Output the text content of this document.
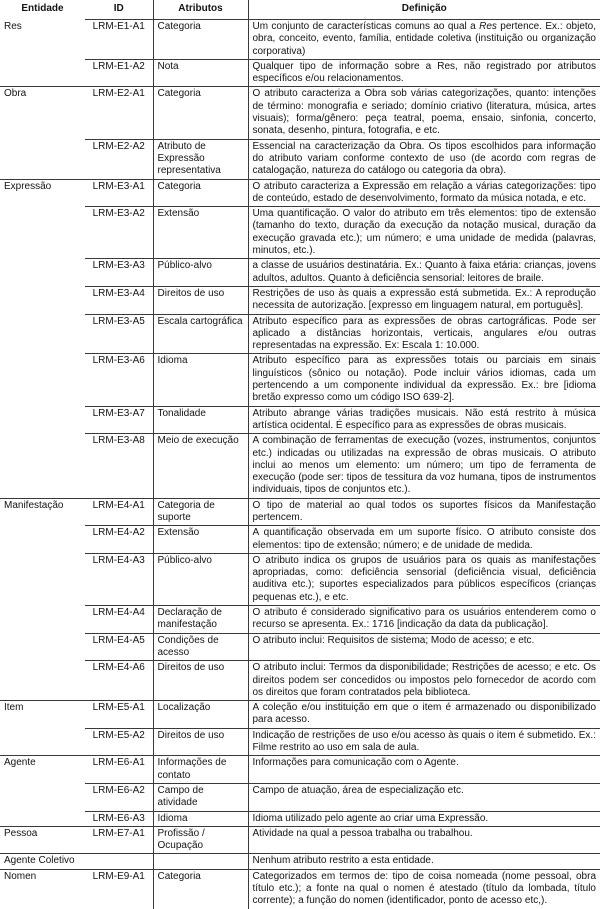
Entidade	ID	Atributos	Definição
Res	LRM-E1-A1	Categoria	Um conjunto de características comuns ao qual a Res pertence. Ex.: objeto, obra, conceito, evento, família, entidade coletiva (instituição ou organização corporativa)
	LRM-E1-A2	Nota	Qualquer tipo de informação sobre a Res, não registrado por atributos específicos e/ou relacionamentos.
Obra	LRM-E2-A1	Categoria	O atributo caracteriza a Obra sob várias categorizações, quanto: intenções de término: monografia e seriado; domínio criativo (literatura, música, artes visuais); forma/gênero: peça teatral, poema, ensaio, sinfonia, concerto, sonata, desenho, pintura, fotografia, e etc.
	LRM-E2-A2	Atributo de Expressão representativa	Essencial na caracterização da Obra. Os tipos escolhidos para informação do atributo variam conforme contexto de uso (de acordo com regras de catalogação, natureza do catálogo ou categoria da obra).
Expressão	LRM-E3-A1	Categoria	O atributo caracteriza a Expressão em relação a várias categorizações: tipo de conteúdo, estado de desenvolvimento, formato da música notada, e etc.
	LRM-E3-A2	Extensão	Uma quantificação. O valor do atributo em três elementos: tipo de extensão (tamanho do texto, duração da execução da notação musical, duração da execução gravada etc.); um número; e uma unidade de medida (palavras, minutos, etc.).
	LRM-E3-A3	Público-alvo	a classe de usuários destinatária. Ex.: Quanto à faixa etária: crianças, jovens adultos, adultos. Quanto à deficiência sensorial: leitores de braile.
	LRM-E3-A4	Direitos de uso	Restrições de uso às quais a expressão está submetida. Ex.: A reprodução necessita de autorização. [expresso em linguagem natural, em português].
	LRM-E3-A5	Escala cartográfica	Atributo específico para as expressões de obras cartográficas. Pode ser aplicado a distâncias horizontais, verticais, angulares e/ou outras representadas na expressão. Ex: Escala 1: 10.000.
	LRM-E3-A6	Idioma	Atributo específico para as expressões totais ou parciais em sinais linguísticos (sônico ou notação). Pode incluir vários idiomas, cada um pertencendo a um componente individual da expressão. Ex.: bre [idioma bretão expresso como um código ISO 639-2].
	LRM-E3-A7	Tonalidade	Atributo abrange várias tradições musicais. Não está restrito à música artística ocidental. É específico para as expressões de obras musicais.
	LRM-E3-A8	Meio de execução	A combinação de ferramentas de execução (vozes, instrumentos, conjuntos etc.) indicadas ou utilizadas na expressão de obras musicais. O atributo inclui ao menos um elemento: um número; um tipo de ferramenta de execução (pode ser: tipos de tessitura da voz humana, tipos de instrumentos individuais, tipos de conjuntos etc.).
Manifestação	LRM-E4-A1	Categoria de suporte	O tipo de material ao qual todos os suportes físicos da Manifestação pertencem.
	LRM-E4-A2	Extensão	A quantificação observada em um suporte físico. O atributo consiste dos elementos: tipo de extensão; número; e de unidade de medida.
	LRM-E4-A3	Público-alvo	O atributo indica os grupos de usuários para os quais as manifestações apropriadas, como: deficiência sensorial (deficiência visual, deficiência auditiva etc.); suportes especializados para públicos específicos (crianças pequenas etc.), e etc.
	LRM-E4-A4	Declaração de manifestação	O atributo é considerado significativo para os usuários entenderem como o recurso se apresenta. Ex.: 1716 [indicação da data da publicação].
	LRM-E4-A5	Condições de acesso	O atributo inclui: Requisitos de sistema; Modo de acesso; e etc.
	LRM-E4-A6	Direitos de uso	O atributo inclui: Termos da disponibilidade; Restrições de acesso; e etc. Os direitos podem ser concedidos ou impostos pelo fornecedor de acordo com os direitos que foram contratados pela biblioteca.
Item	LRM-E5-A1	Localização	A coleção e/ou instituição em que o item é armazenado ou disponibilizado para acesso.
	LRM-E5-A2	Direitos de uso	Indicação de restrições de uso e/ou acesso às quais o item é submetido. Ex.: Filme restrito ao uso em sala de aula.
Agente	LRM-E6-A1	Informações de contato	Informações para comunicação com o Agente.
	LRM-E6-A2	Campo de atividade	Campo de atuação, área de especialização etc.
	LRM-E6-A3	Idioma	Idioma utilizado pelo agente ao criar uma Expressão.
Pessoa	LRM-E7-A1	Profissão / Ocupação	Atividade na qual a pessoa trabalha ou trabalhou.
Agente Coletivo			Nenhum atributo restrito a esta entidade.
Nomen	LRM-E9-A1	Categoria	Categorizados em termos de: tipo de coisa nomeada (nome pessoal, obra título etc.); a fonte na qual o nomen é atestado (título da lombada, título corrente); a função do nomen (identificador, ponto de acesso etc,).
